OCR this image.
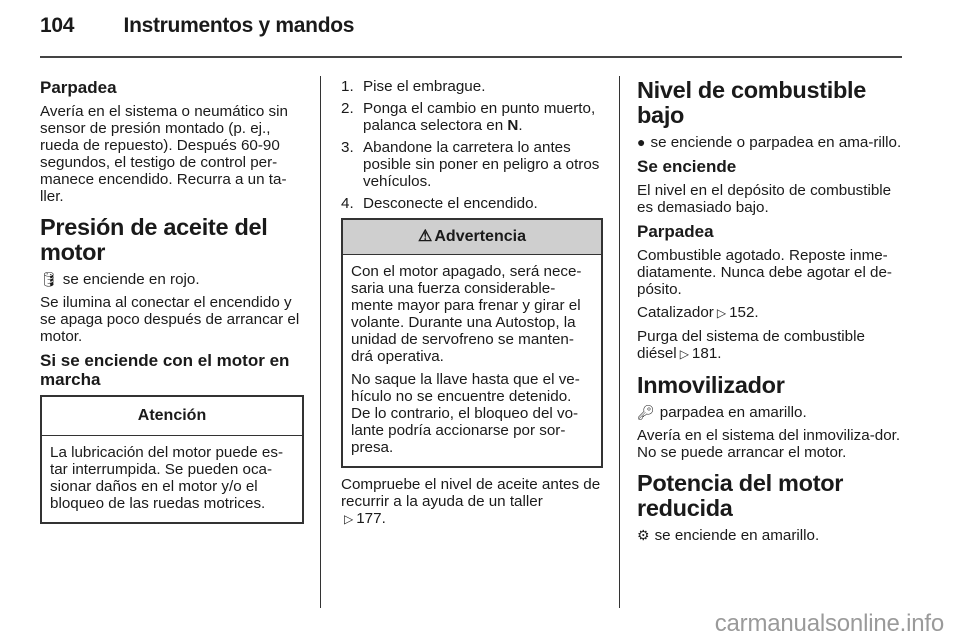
104 Instrumentos y mandos

Parpadea

Avería en el sistema o neumático sin sensor de presión montado (p. ej., rueda de repuesto). Después 60-90 segundos, el testigo de control per-manece encendido. Recurra a un ta-ller.

Presión de aceite del motor

🛢︎ se enciende en rojo.

Se ilumina al conectar el encendido y se apaga poco después de arrancar el motor.

Si se enciende con el motor en marcha

Atención

La lubricación del motor puede es-tar interrumpida. Se pueden oca-sionar daños en el motor y/o el bloqueo de las ruedas motrices.

1. Pise el embrague.
2. Ponga el cambio en punto muerto, palanca selectora en N.
3. Abandone la carretera lo antes posible sin poner en peligro a otros vehículos.
4. Desconecte el encendido.
⚠︎ Advertencia

Con el motor apagado, será nece-saria una fuerza considerable-mente mayor para frenar y girar el volante. Durante una Autostop, la unidad de servofreno se manten-drá operativa.

No saque la llave hasta que el ve-hículo no se encuentre detenido. De lo contrario, el bloqueo del vo-lante podría accionarse por sor-presa.

Compruebe el nivel de aceite antes de recurrir a la ayuda de un taller
▷ 177.

Nivel de combustible bajo

● se enciende o parpadea en ama-rillo.

Se enciende

El nivel en el depósito de combustible es demasiado bajo.

Parpadea

Combustible agotado. Reposte inme-diatamente. Nunca debe agotar el de-pósito.

Catalizador ▷ 152.

Purga del sistema de combustible diésel ▷ 181.

Inmovilizador

🔑︎ parpadea en amarillo.

Avería en el sistema del inmoviliza-dor. No se puede arrancar el motor.

Potencia del motor reducida

⚙︎ se enciende en amarillo.

carmanualsonline.info
